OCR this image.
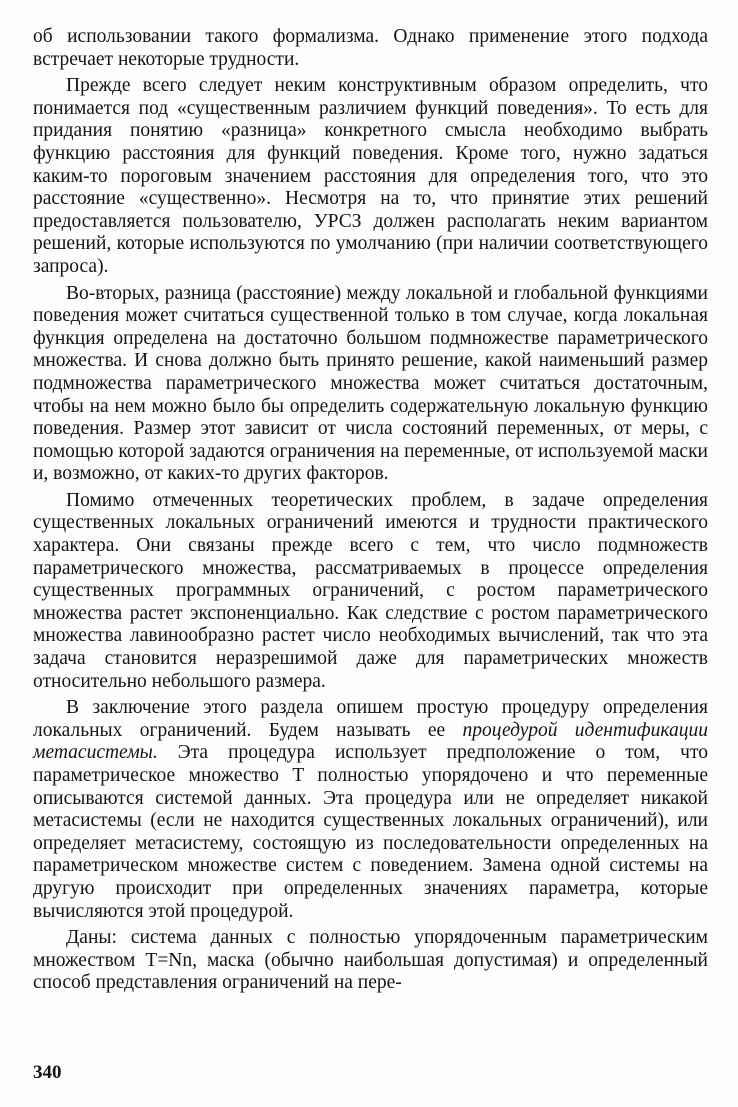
об использовании такого формализма. Однако применение этого подхода встречает некоторые трудности.

Прежде всего следует неким конструктивным образом определить, что понимается под «существенным различием функций поведения». То есть для придания понятию «разница» конкретного смысла необходимо выбрать функцию расстояния для функций поведения. Кроме того, нужно задаться каким-то пороговым значением расстояния для определения того, что это расстояние «существенно». Несмотря на то, что принятие этих решений предоставляется пользователю, УРСЗ должен располагать неким вариантом решений, которые используются по умолчанию (при наличии соответствующего запроса).

Во-вторых, разница (расстояние) между локальной и глобальной функциями поведения может считаться существенной только в том случае, когда локальная функция определена на достаточно большом подмножестве параметрического множества. И снова должно быть принято решение, какой наименьший размер подмножества параметрического множества может считаться достаточным, чтобы на нем можно было бы определить содержательную локальную функцию поведения. Размер этот зависит от числа состояний переменных, от меры, с помощью которой задаются ограничения на переменные, от используемой маски и, возможно, от каких-то других факторов.

Помимо отмеченных теоретических проблем, в задаче определения существенных локальных ограничений имеются и трудности практического характера. Они связаны прежде всего с тем, что число подмножеств параметрического множества, рассматриваемых в процессе определения существенных программных ограничений, с ростом параметрического множества растет экспоненциально. Как следствие с ростом параметрического множества лавинообразно растет число необходимых вычислений, так что эта задача становится неразрешимой даже для параметрических множеств относительно небольшого размера.

В заключение этого раздела опишем простую процедуру определения локальных ограничений. Будем называть ее процедурой идентификации метасистемы. Эта процедура использует предположение о том, что параметрическое множество T полностью упорядочено и что переменные описываются системой данных. Эта процедура или не определяет никакой метасистемы (если не находится существенных локальных ограничений), или определяет метасистему, состоящую из последовательности определенных на параметрическом множестве систем с поведением. Замена одной системы на другую происходит при определенных значениях параметра, которые вычисляются этой процедурой.

Даны: система данных с полностью упорядоченным параметрическим множеством T=Nn, маска (обычно наибольшая допустимая) и определенный способ представления ограничений на пере-

340
